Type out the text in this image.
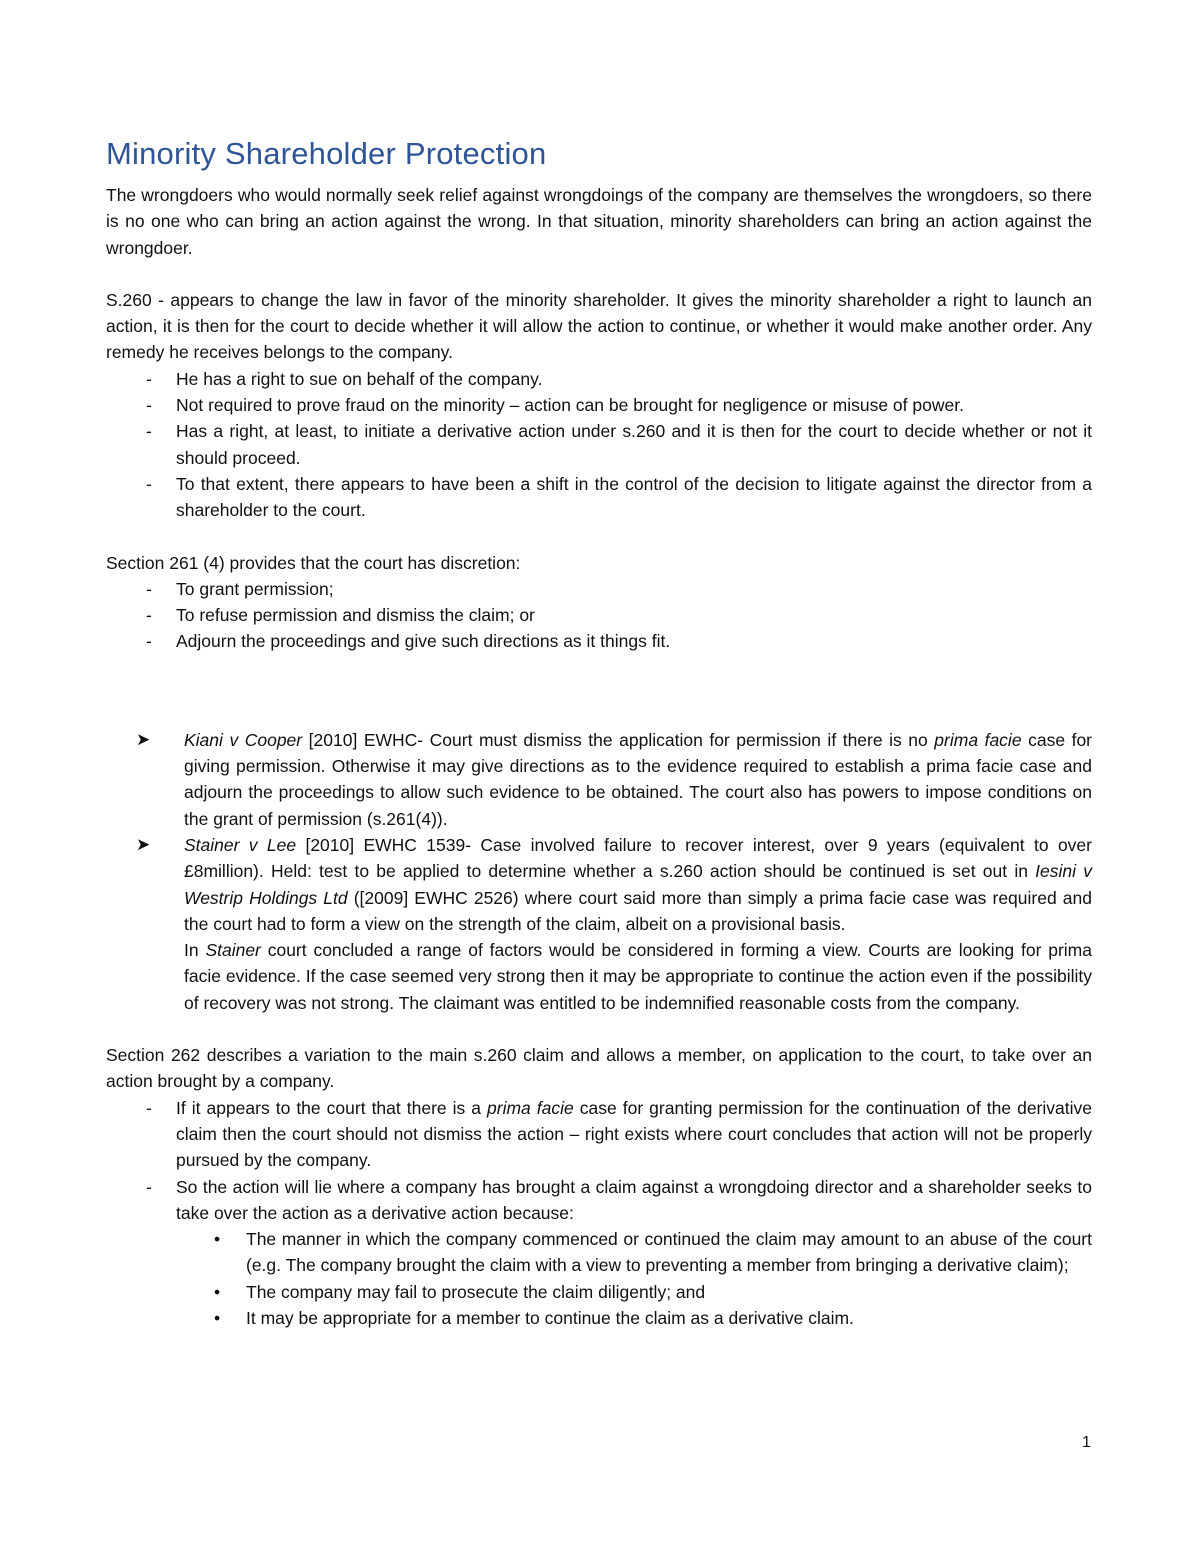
Minority Shareholder Protection

The wrongdoers who would normally seek relief against wrongdoings of the company are themselves the wrongdoers, so there is no one who can bring an action against the wrong. In that situation, minority shareholders can bring an action against the wrongdoer.

S.260 - appears to change the law in favor of the minority shareholder. It gives the minority shareholder a right to launch an action, it is then for the court to decide whether it will allow the action to continue, or whether it would make another order. Any remedy he receives belongs to the company.

- He has a right to sue on behalf of the company.
- Not required to prove fraud on the minority – action can be brought for negligence or misuse of power.
- Has a right, at least, to initiate a derivative action under s.260 and it is then for the court to decide whether or not it should proceed.
- To that extent, there appears to have been a shift in the control of the decision to litigate against the director from a shareholder to the court.

Section 261 (4) provides that the court has discretion:

- To grant permission;
- To refuse permission and dismiss the claim; or
- Adjourn the proceedings and give such directions as it things fit.
➤ Kiani v Cooper [2010] EWHC- Court must dismiss the application for permission if there is no prima facie case for giving permission. Otherwise it may give directions as to the evidence required to establish a prima facie case and adjourn the proceedings to allow such evidence to be obtained. The court also has powers to impose conditions on the grant of permission (s.261(4)).
➤ Stainer v Lee [2010] EWHC 1539- Case involved failure to recover interest, over 9 years (equivalent to over £8million). Held: test to be applied to determine whether a s.260 action should be continued is set out in Iesini v Westrip Holdings Ltd ([2009] EWHC 2526) where court said more than simply a prima facie case was required and the court had to form a view on the strength of the claim, albeit on a provisional basis.
In Stainer court concluded a range of factors would be considered in forming a view. Courts are looking for prima facie evidence. If the case seemed very strong then it may be appropriate to continue the action even if the possibility of recovery was not strong. The claimant was entitled to be indemnified reasonable costs from the company.

Section 262 describes a variation to the main s.260 claim and allows a member, on application to the court, to take over an action brought by a company.

- If it appears to the court that there is a prima facie case for granting permission for the continuation of the derivative claim then the court should not dismiss the action – right exists where court concludes that action will not be properly pursued by the company.
- So the action will lie where a company has brought a claim against a wrongdoing director and a shareholder seeks to take over the action as a derivative action because:
• The manner in which the company commenced or continued the claim may amount to an abuse of the court (e.g. The company brought the claim with a view to preventing a member from bringing a derivative claim);
• The company may fail to prosecute the claim diligently; and
• It may be appropriate for a member to continue the claim as a derivative claim.
1
